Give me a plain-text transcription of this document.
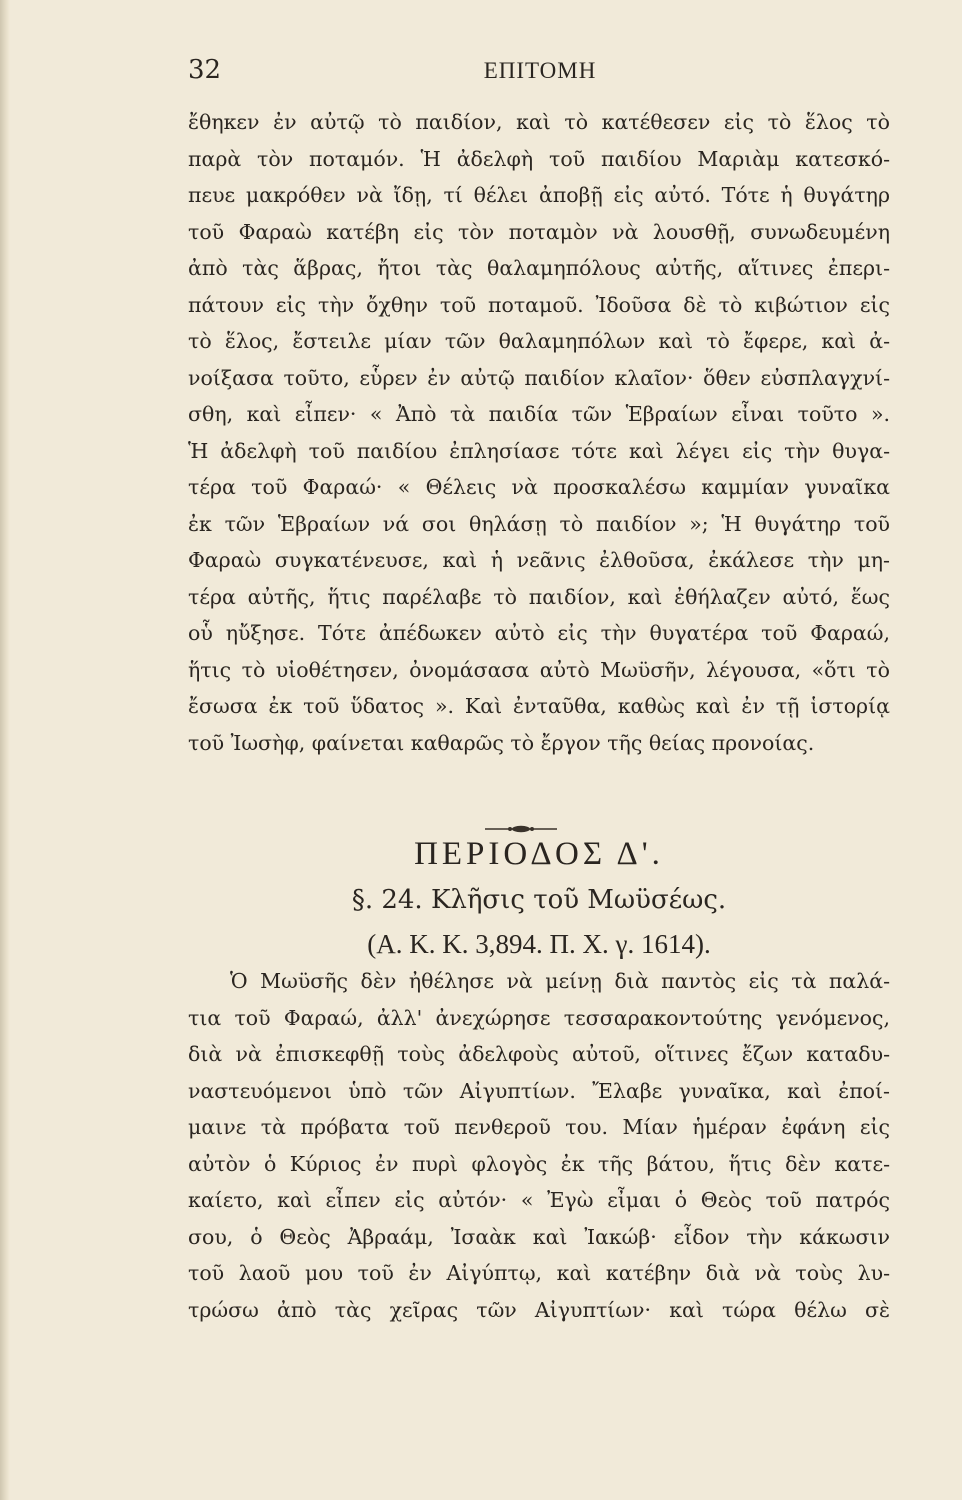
32	ΕΠΙΤΟΜΗ
ἔθηκεν ἐν αὐτῷ τὸ παιδίον, καὶ τὸ κατέθεσεν εἰς τὸ ἕλος τὸ
παρὰ τὸν ποταμόν. Ἡ ἀδελφὴ τοῦ παιδίου Μαριὰμ κατεσκό-
πευε μακρόθεν νὰ ἴδῃ, τί θέλει ἀποβῇ εἰς αὐτό. Τότε ἡ θυγάτηρ
τοῦ Φαραὼ κατέβη εἰς τὸν ποταμὸν νὰ λουσθῇ, συνωδευμένη
ἀπὸ τὰς ἅβρας, ἤτοι τὰς θαλαμηπόλους αὐτῆς, αἵτινες ἐπερι-
πάτουν εἰς τὴν ὄχθην τοῦ ποταμοῦ. Ἰδοῦσα δὲ τὸ κιβώτιον εἰς
τὸ ἕλος, ἔστειλε μίαν τῶν θαλαμηπόλων καὶ τὸ ἔφερε, καὶ ἀ-
νοίξασα τοῦτο, εὗρεν ἐν αὐτῷ παιδίον κλαῖον· ὅθεν εὐσπλαγχνί-
σθη, καὶ εἶπεν· « Ἀπὸ τὰ παιδία τῶν Ἑβραίων εἶναι τοῦτο ».
Ἡ ἀδελφὴ τοῦ παιδίου ἐπλησίασε τότε καὶ λέγει εἰς τὴν θυγα-
τέρα τοῦ Φαραώ· « Θέλεις νὰ προσκαλέσω καμμίαν γυναῖκα
ἐκ τῶν Ἑβραίων νά σοι θηλάσῃ τὸ παιδίον »; Ἡ θυγάτηρ τοῦ
Φαραὼ συγκατένευσε, καὶ ἡ νεᾶνις ἐλθοῦσα, ἐκάλεσε τὴν μη-
τέρα αὐτῆς, ἥτις παρέλαβε τὸ παιδίον, καὶ ἐθήλαζεν αὐτό, ἕως
οὗ ηὔξησε. Τότε ἀπέδωκεν αὐτὸ εἰς τὴν θυγατέρα τοῦ Φαραώ,
ἥτις τὸ υἱοθέτησεν, ὀνομάσασα αὐτὸ Μωϋσῆν, λέγουσα, «ὅτι τὸ
ἔσωσα ἐκ τοῦ ὕδατος ». Καὶ ἐνταῦθα, καθὼς καὶ ἐν τῇ ἱστορίᾳ
τοῦ Ἰωσὴφ, φαίνεται καθαρῶς τὸ ἔργον τῆς θείας προνοίας.
ΠΕΡΙΟΔΟΣ Δ'.
§. 24. Κλῆσις τοῦ Μωϋσέως.
(Α. Κ. Κ. 3,894. Π. Χ. γ. 1614).
Ὁ Μωϋσῆς δὲν ἠθέλησε νὰ μείνῃ διὰ παντὸς εἰς τὰ παλά-
τια τοῦ Φαραώ, ἀλλ' ἀνεχώρησε τεσσαρακοντούτης γενόμενος,
διὰ νὰ ἐπισκεφθῇ τοὺς ἀδελφοὺς αὐτοῦ, οἵτινες ἔζων καταδυ-
ναστευόμενοι ὑπὸ τῶν Αἰγυπτίων. Ἔλαβε γυναῖκα, καὶ ἐποί-
μαινε τὰ πρόβατα τοῦ πενθεροῦ του. Μίαν ἡμέραν ἐφάνη εἰς
αὐτὸν ὁ Κύριος ἐν πυρὶ φλογὸς ἐκ τῆς βάτου, ἥτις δὲν κατε-
καίετο, καὶ εἶπεν εἰς αὐτόν· « Ἐγὼ εἶμαι ὁ Θεὸς τοῦ πατρός
σου, ὁ Θεὸς Ἀβραάμ, Ἰσαὰκ καὶ Ἰακώβ· εἶδον τὴν κάκωσιν
τοῦ λαοῦ μου τοῦ ἐν Αἰγύπτῳ, καὶ κατέβην διὰ νὰ τοὺς λυ-
τρώσω ἀπὸ τὰς χεῖρας τῶν Αἰγυπτίων· καὶ τώρα θέλω σὲ
